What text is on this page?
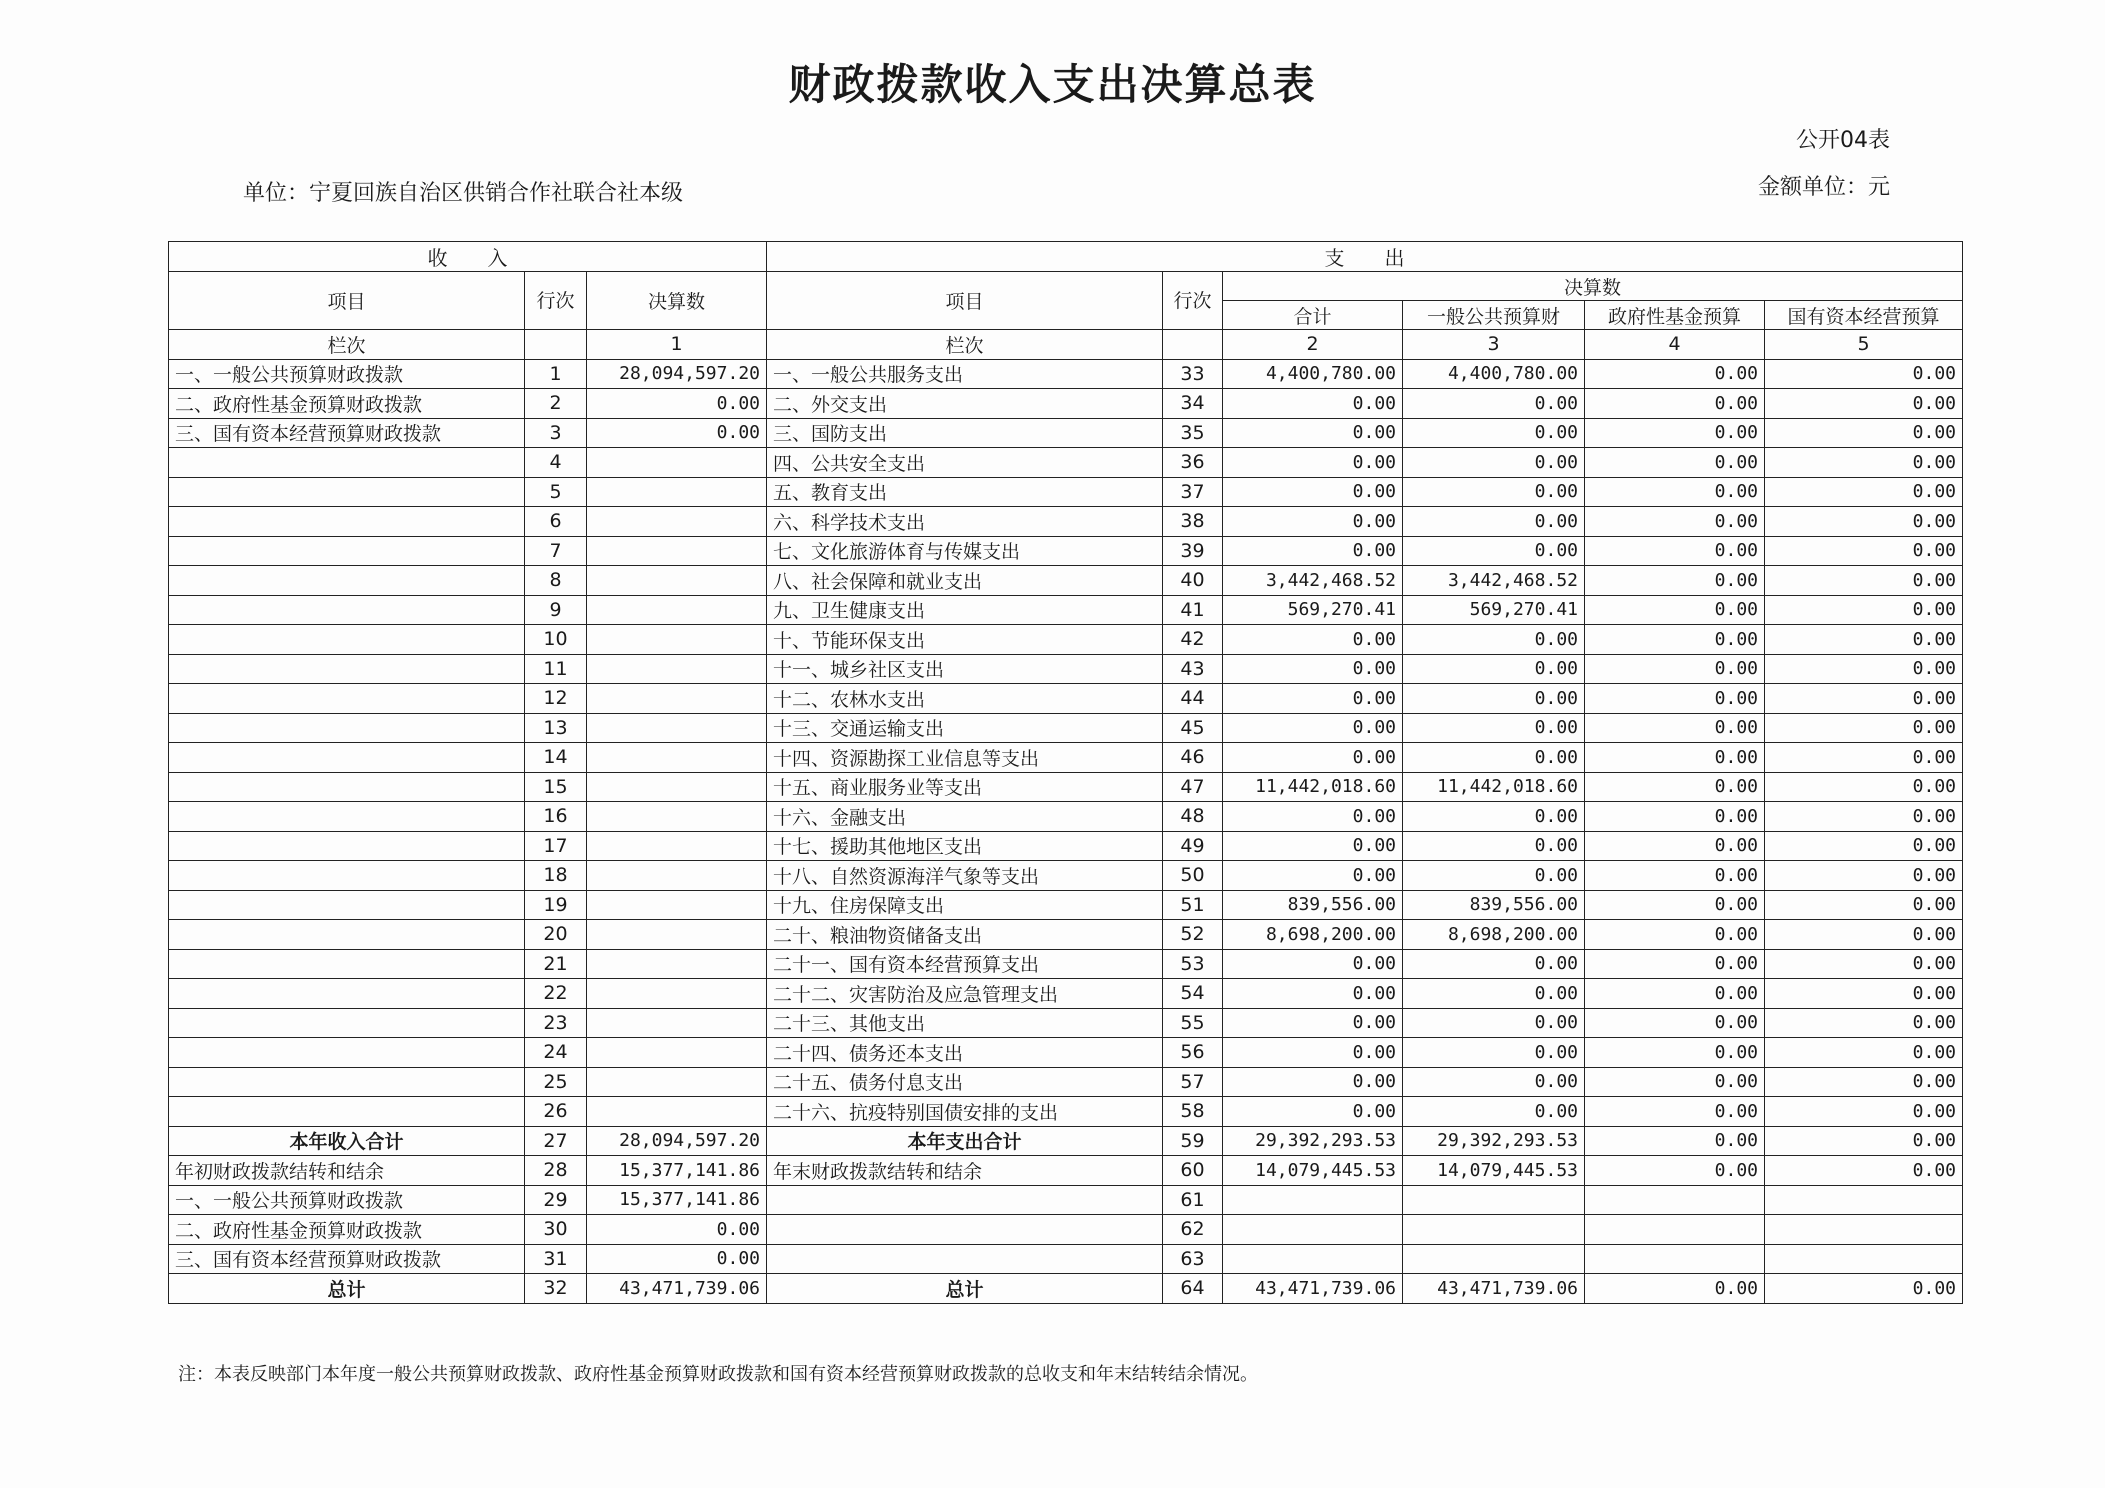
财政拨款收入支出决算总表
公开04表
单位：宁夏回族自治区供销合作社联合社本级	金额单位：元
收　　入			支　　出					
项目	行次	决算数	项目	行次	决算数			
					合计	一般公共预算财	政府性基金预算	国有资本经营预算
栏次		1	栏次		2	3	4	5
一、一般公共预算财政拨款	1	28,094,597.20	一、一般公共服务支出	33	4,400,780.00	4,400,780.00	0.00	0.00
二、政府性基金预算财政拨款	2	0.00	二、外交支出	34	0.00	0.00	0.00	0.00
三、国有资本经营预算财政拨款	3	0.00	三、国防支出	35	0.00	0.00	0.00	0.00
	4		四、公共安全支出	36	0.00	0.00	0.00	0.00
	5		五、教育支出	37	0.00	0.00	0.00	0.00
	6		六、科学技术支出	38	0.00	0.00	0.00	0.00
	7		七、文化旅游体育与传媒支出	39	0.00	0.00	0.00	0.00
	8		八、社会保障和就业支出	40	3,442,468.52	3,442,468.52	0.00	0.00
	9		九、卫生健康支出	41	569,270.41	569,270.41	0.00	0.00
	10		十、节能环保支出	42	0.00	0.00	0.00	0.00
	11		十一、城乡社区支出	43	0.00	0.00	0.00	0.00
	12		十二、农林水支出	44	0.00	0.00	0.00	0.00
	13		十三、交通运输支出	45	0.00	0.00	0.00	0.00
	14		十四、资源勘探工业信息等支出	46	0.00	0.00	0.00	0.00
	15		十五、商业服务业等支出	47	11,442,018.60	11,442,018.60	0.00	0.00
	16		十六、金融支出	48	0.00	0.00	0.00	0.00
	17		十七、援助其他地区支出	49	0.00	0.00	0.00	0.00
	18		十八、自然资源海洋气象等支出	50	0.00	0.00	0.00	0.00
	19		十九、住房保障支出	51	839,556.00	839,556.00	0.00	0.00
	20		二十、粮油物资储备支出	52	8,698,200.00	8,698,200.00	0.00	0.00
	21		二十一、国有资本经营预算支出	53	0.00	0.00	0.00	0.00
	22		二十二、灾害防治及应急管理支出	54	0.00	0.00	0.00	0.00
	23		二十三、其他支出	55	0.00	0.00	0.00	0.00
	24		二十四、债务还本支出	56	0.00	0.00	0.00	0.00
	25		二十五、债务付息支出	57	0.00	0.00	0.00	0.00
	26		二十六、抗疫特别国债安排的支出	58	0.00	0.00	0.00	0.00
本年收入合计	27	28,094,597.20	本年支出合计	59	29,392,293.53	29,392,293.53	0.00	0.00
年初财政拨款结转和结余	28	15,377,141.86	年末财政拨款结转和结余	60	14,079,445.53	14,079,445.53	0.00	0.00
一、一般公共预算财政拨款	29	15,377,141.86		61				
二、政府性基金预算财政拨款	30	0.00		62				
三、国有资本经营预算财政拨款	31	0.00		63				
总计	32	43,471,739.06	总计	64	43,471,739.06	43,471,739.06	0.00	0.00
注：本表反映部门本年度一般公共预算财政拨款、政府性基金预算财政拨款和国有资本经营预算财政拨款的总收支和年末结转结余情况。
